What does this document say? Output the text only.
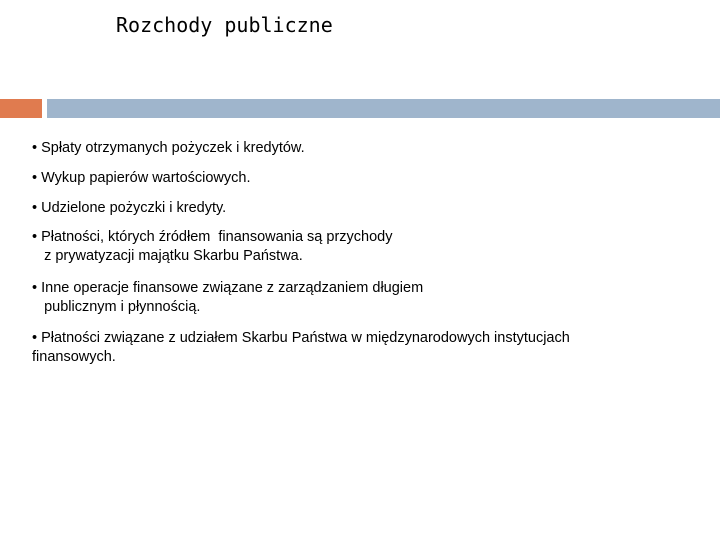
Rozchody publiczne
• Spłaty otrzymanych pożyczek i kredytów.
• Wykup papierów wartościowych.
• Udzielone pożyczki i kredyty.
• Płatności, których źródłem  finansowania są przychody
z prywatyzacji majątku Skarbu Państwa.
• Inne operacje finansowe związane z zarządzaniem długiem
publicznym i płynnością.
• Płatności związane z udziałem Skarbu Państwa w międzynarodowych instytucjach
finansowych.
